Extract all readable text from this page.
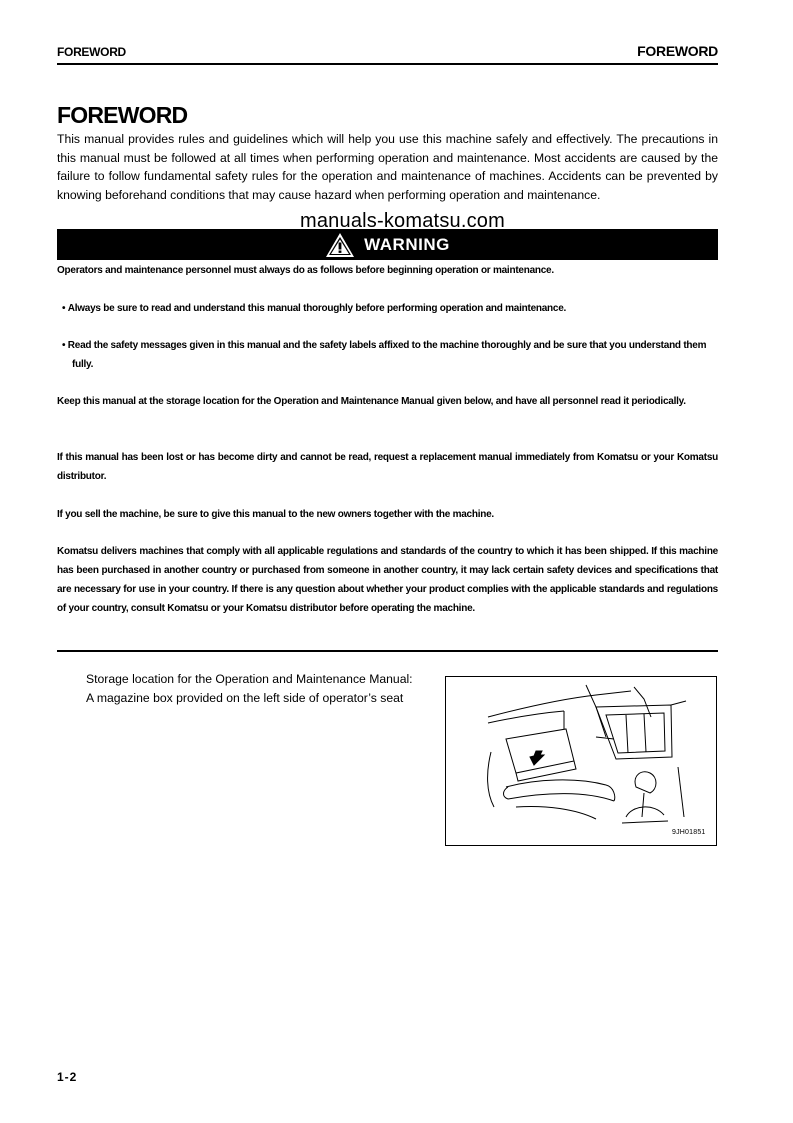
FOREWORD	FOREWORD
FOREWORD

This manual provides rules and guidelines which will help you use this machine safely and effectively. The precautions in this manual must be followed at all times when performing operation and maintenance. Most accidents are caused by the failure to follow fundamental safety rules for the operation and maintenance of machines. Accidents can be prevented by knowing beforehand conditions that may cause hazard when performing operation and maintenance.

WARNING
manuals-komatsu.com

Operators and maintenance personnel must always do as follows before beginning operation or maintenance.

• Always be sure to read and understand this manual thoroughly before performing operation and maintenance.

• Read the safety messages given in this manual and the safety labels affixed to the machine thoroughly and be sure that you understand them fully.

Keep this manual at the storage location for the Operation and Maintenance Manual given below, and have all personnel read it periodically.

If this manual has been lost or has become dirty and cannot be read, request a replacement manual immediately from Komatsu or your Komatsu distributor.

If you sell the machine, be sure to give this manual to the new owners together with the machine.

Komatsu delivers machines that comply with all applicable regulations and standards of the country to which it has been shipped. If this machine has been purchased in another country or purchased from someone in another country, it may lack certain safety devices and specifications that are necessary for use in your country. If there is any question about whether your product complies with the applicable standards and regulations of your country, consult Komatsu or your Komatsu distributor before operating the machine.

Storage location for the Operation and Maintenance Manual:
A magazine box provided on the left side of operator’s seat
9JH01851
1-2
